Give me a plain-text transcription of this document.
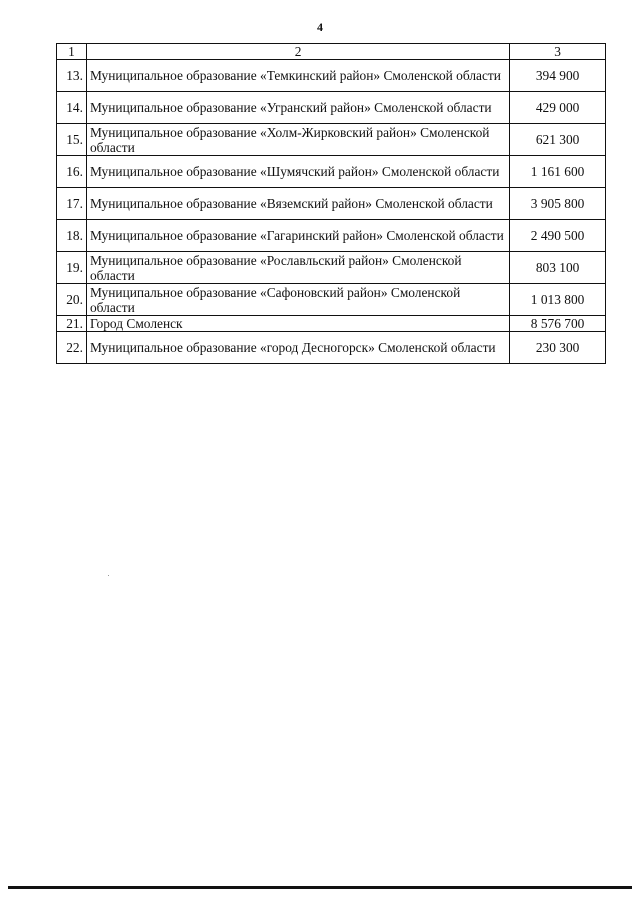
4
1	2	3
13.	Муниципальное образование «Темкинский район» Смоленской области	394 900
14.	Муниципальное образование «Угранский район» Смоленской области	429 000
15.	Муниципальное образование «Холм-Жирковский район» Смоленской области	621 300
16.	Муниципальное образование «Шумячский район» Смоленской области	1 161 600
17.	Муниципальное образование «Вяземский район» Смоленской области	3 905 800
18.	Муниципальное образование «Гагаринский район» Смоленской области	2 490 500
19.	Муниципальное образование «Рославльский район» Смоленской области	803 100
20.	Муниципальное образование «Сафоновский район» Смоленской области	1 013 800
21.	Город Смоленск	8 576 700
22.	Муниципальное образование «город Десногорск» Смоленской области	230 300
